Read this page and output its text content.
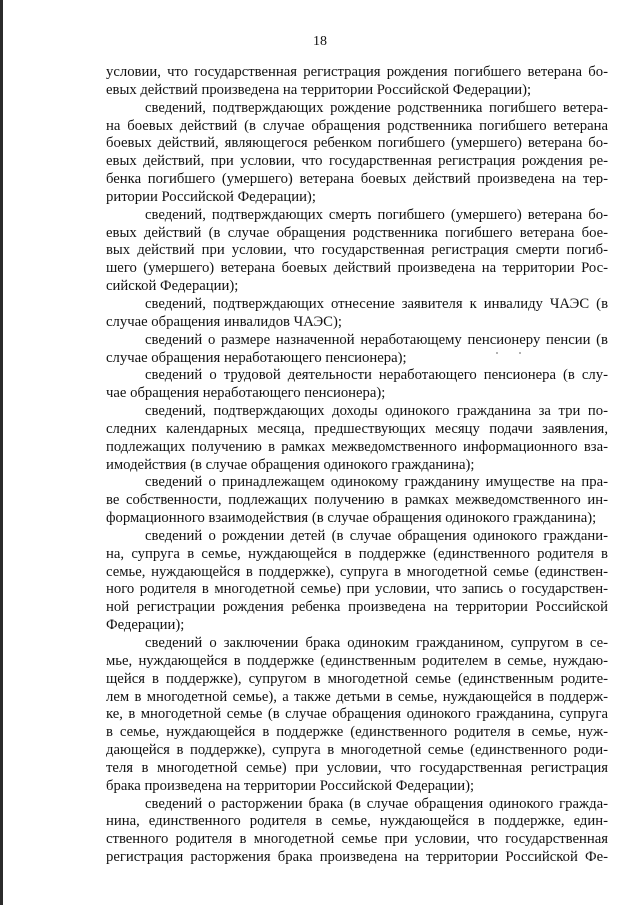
18
условии, что государственная регистрация рождения погибшего ветерана бо-
евых действий произведена на территории Российской Федерации);
сведений, подтверждающих рождение родственника погибшего ветера-
на боевых действий (в случае обращения родственника погибшего ветерана
боевых действий, являющегося ребенком погибшего (умершего) ветерана бо-
евых действий, при условии, что государственная регистрация рождения ре-
бенка погибшего (умершего) ветерана боевых действий произведена на тер-
ритории Российской Федерации);
сведений, подтверждающих смерть погибшего (умершего) ветерана бо-
евых действий (в случае обращения родственника погибшего ветерана бое-
вых действий при условии, что государственная регистрация смерти погиб-
шего (умершего) ветерана боевых действий произведена на территории Рос-
сийской Федерации);
сведений, подтверждающих отнесение заявителя к инвалиду ЧАЭС (в
случае обращения инвалидов ЧАЭС);
сведений о размере назначенной неработающему пенсионеру пенсии (в
случае обращения неработающего пенсионера);
сведений о трудовой деятельности неработающего пенсионера (в слу-
чае обращения неработающего пенсионера);
сведений, подтверждающих доходы одинокого гражданина за три по-
следних календарных месяца, предшествующих месяцу подачи заявления,
подлежащих получению в рамках межведомственного информационного вза-
имодействия (в случае обращения одинокого гражданина);
сведений о принадлежащем одинокому гражданину имуществе на пра-
ве собственности, подлежащих получению в рамках межведомственного ин-
формационного взаимодействия (в случае обращения одинокого гражданина);
сведений о рождении детей (в случае обращения одинокого граждани-
на, супруга в семье, нуждающейся в поддержке (единственного родителя в
семье, нуждающейся в поддержке), супруга в многодетной семье (единствен-
ного родителя в многодетной семье) при условии, что запись о государствен-
ной регистрации рождения ребенка произведена на территории Российской
Федерации);
сведений о заключении брака одиноким гражданином, супругом в се-
мье, нуждающейся в поддержке (единственным родителем в семье, нуждаю-
щейся в поддержке), супругом в многодетной семье (единственным родите-
лем в многодетной семье), а также детьми в семье, нуждающейся в поддерж-
ке, в многодетной семье (в случае обращения одинокого гражданина, супруга
в семье, нуждающейся в поддержке (единственного родителя в семье, нуж-
дающейся в поддержке), супруга в многодетной семье (единственного роди-
теля в многодетной семье) при условии, что государственная регистрация
брака произведена на территории Российской Федерации);
сведений о расторжении брака (в случае обращения одинокого гражда-
нина, единственного родителя в семье, нуждающейся в поддержке, един-
ственного родителя в многодетной семье при условии, что государственная
регистрация расторжения брака произведена на территории Российской Фе-
